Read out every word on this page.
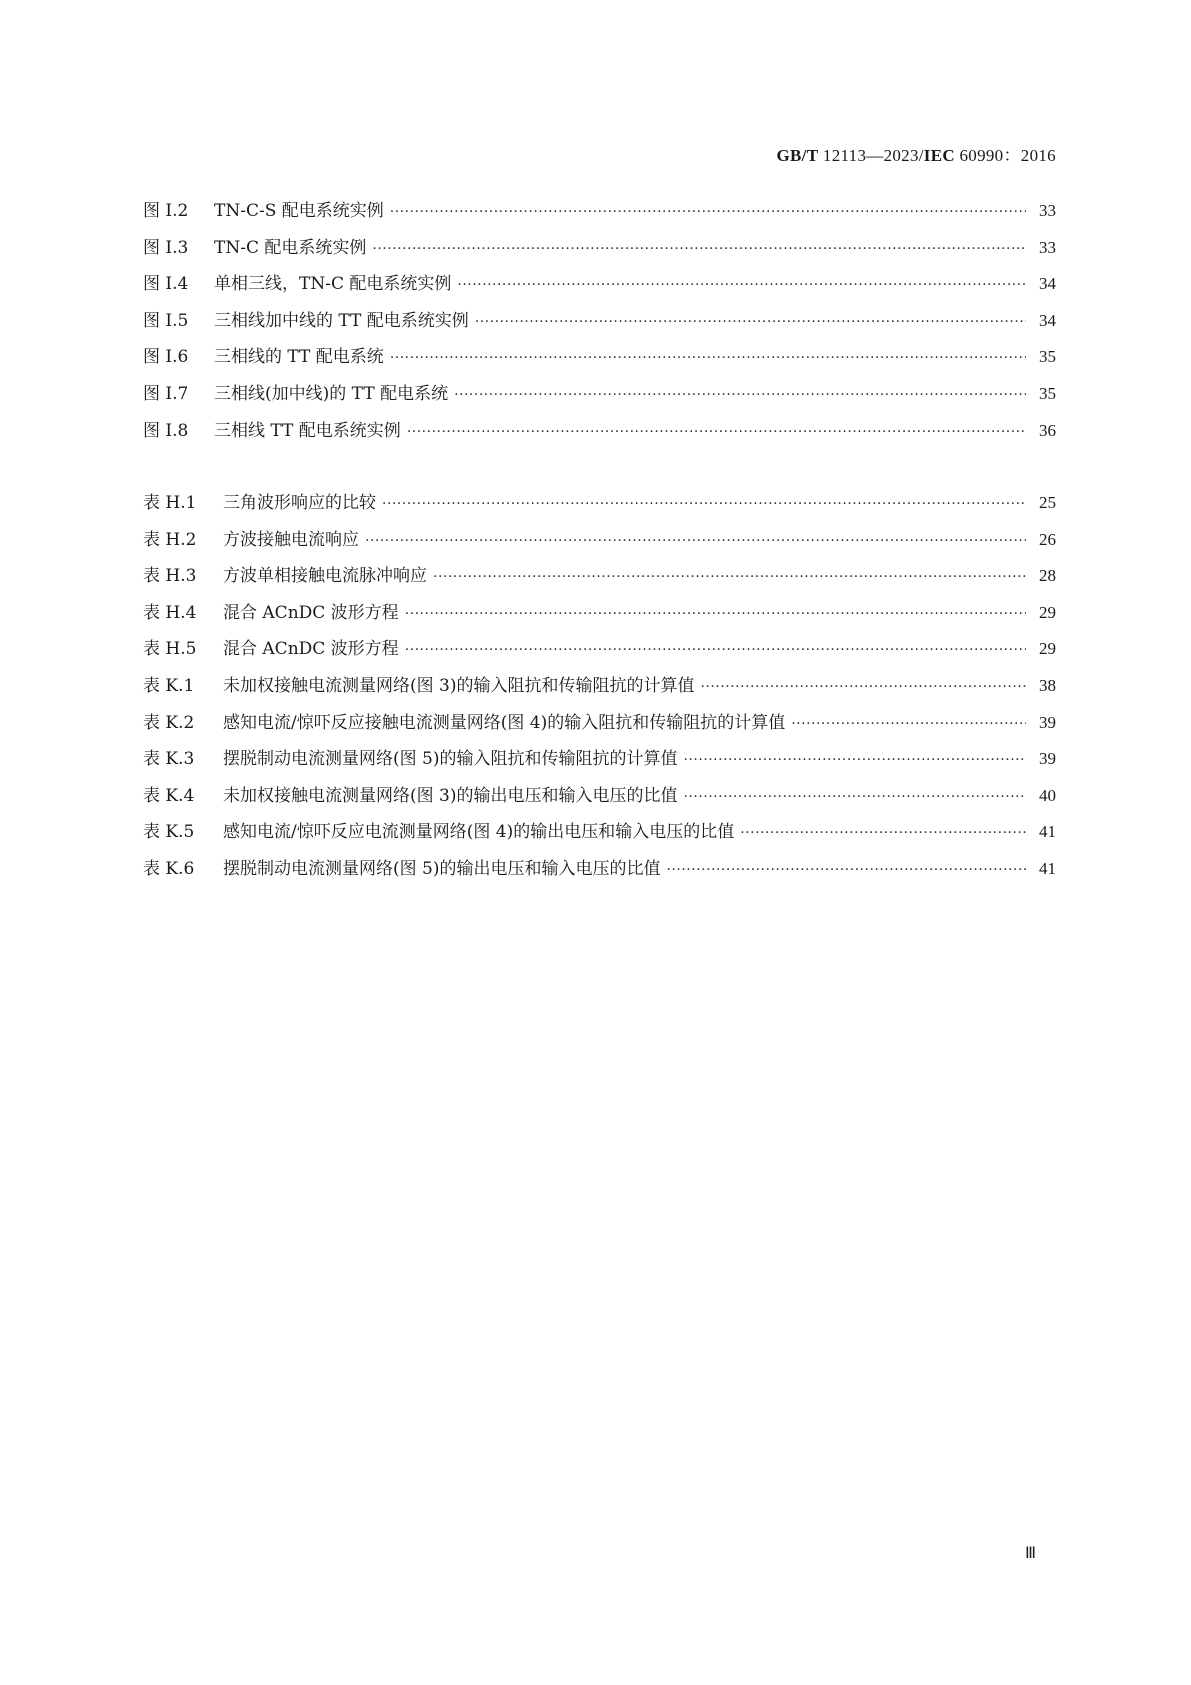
GB/T 12113—2023/IEC 60990：2016
图 I.2	TN-C-S 配电系统实例 ·····	33
图 I.3	TN-C 配电系统实例 ·····	33
图 I.4	单相三线，TN-C 配电系统实例 ·····	34
图 I.5	三相线加中线的 TT 配电系统实例 ·····	34
图 I.6	三相线的 TT 配电系统 ·····	35
图 I.7	三相线(加中线)的 TT 配电系统 ·····	35
图 I.8	三相线 TT 配电系统实例 ·····	36
表 H.1	三角波形响应的比较 ·····	25
表 H.2	方波接触电流响应 ·····	26
表 H.3	方波单相接触电流脉冲响应 ·····	28
表 H.4	混合 ACnDC 波形方程 ·····	29
表 H.5	混合 ACnDC 波形方程 ·····	29
表 K.1	未加权接触电流测量网络(图 3)的输入阻抗和传输阻抗的计算值 ·····	38
表 K.2	感知电流/惊吓反应接触电流测量网络(图 4)的输入阻抗和传输阻抗的计算值 ·····	39
表 K.3	摆脱制动电流测量网络(图 5)的输入阻抗和传输阻抗的计算值 ·····	39
表 K.4	未加权接触电流测量网络(图 3)的输出电压和输入电压的比值 ·····	40
表 K.5	感知电流/惊吓反应电流测量网络(图 4)的输出电压和输入电压的比值 ·····	41
表 K.6	摆脱制动电流测量网络(图 5)的输出电压和输入电压的比值 ·····	41
Ⅲ
